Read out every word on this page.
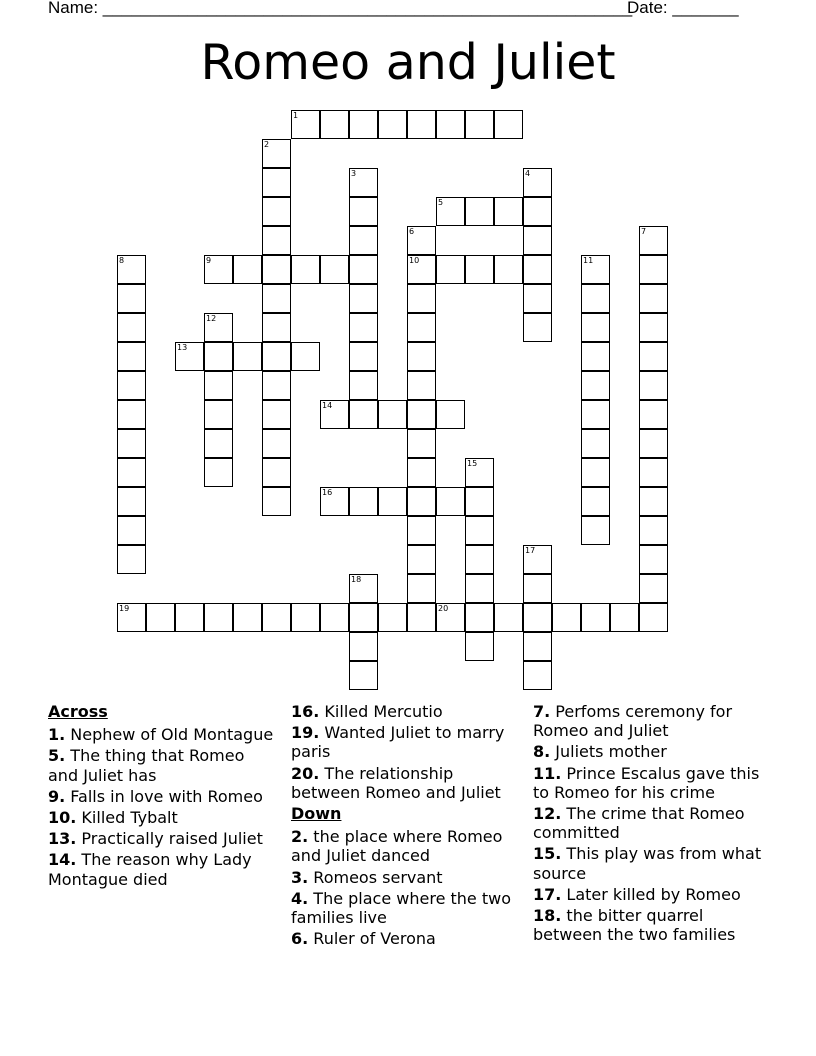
Name: ________________________________________________________
Date: _______
Romeo and Juliet
1
5
9	10
13
14
16
19	20
2
3	4
6	7
8	11
12
15
17
18
Across
1. Nephew of Old Montague
5. The thing that Romeo and Juliet has
9. Falls in love with Romeo
10. Killed Tybalt
13. Practically raised Juliet
14. The reason why Lady Montague died
16. Killed Mercutio
19. Wanted Juliet to marry paris
20. The relationship between Romeo and Juliet
Down
2. the place where Romeo and Juliet danced
3. Romeos servant
4. The place where the two families live
6. Ruler of Verona
7. Perfoms ceremony for Romeo and Juliet
8. Juliets mother
11. Prince Escalus gave this to Romeo for his crime
12. The crime that Romeo committed
15. This play was from what source
17. Later killed by Romeo
18. the bitter quarrel between the two families
